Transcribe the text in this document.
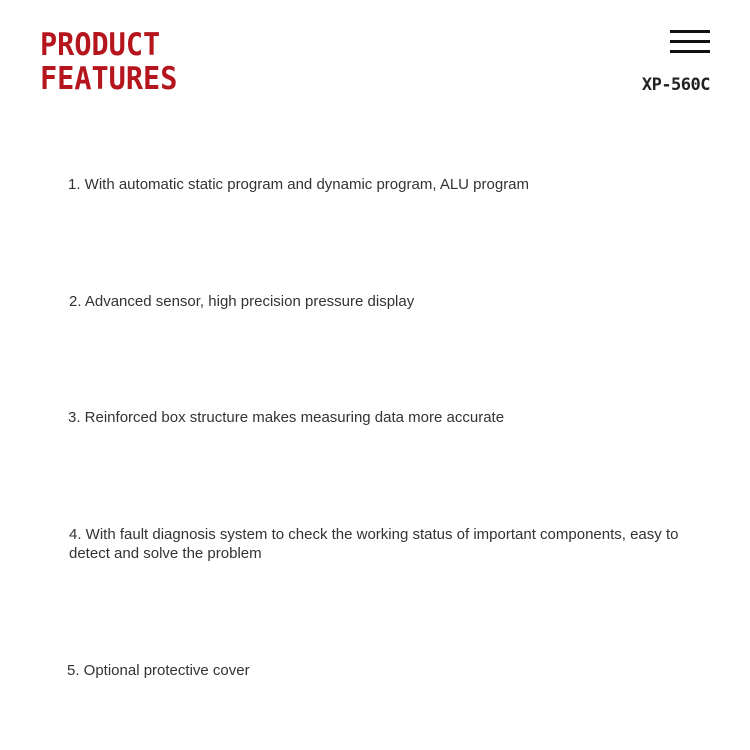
PRODUCT
FEATURES	XP-560C

1. With automatic static program and dynamic program, ALU program

2. Advanced sensor, high precision pressure display

3. Reinforced box structure makes measuring data more accurate

4. With fault diagnosis system to check the working status of important components, easy to detect and solve the problem

5. Optional protective cover
